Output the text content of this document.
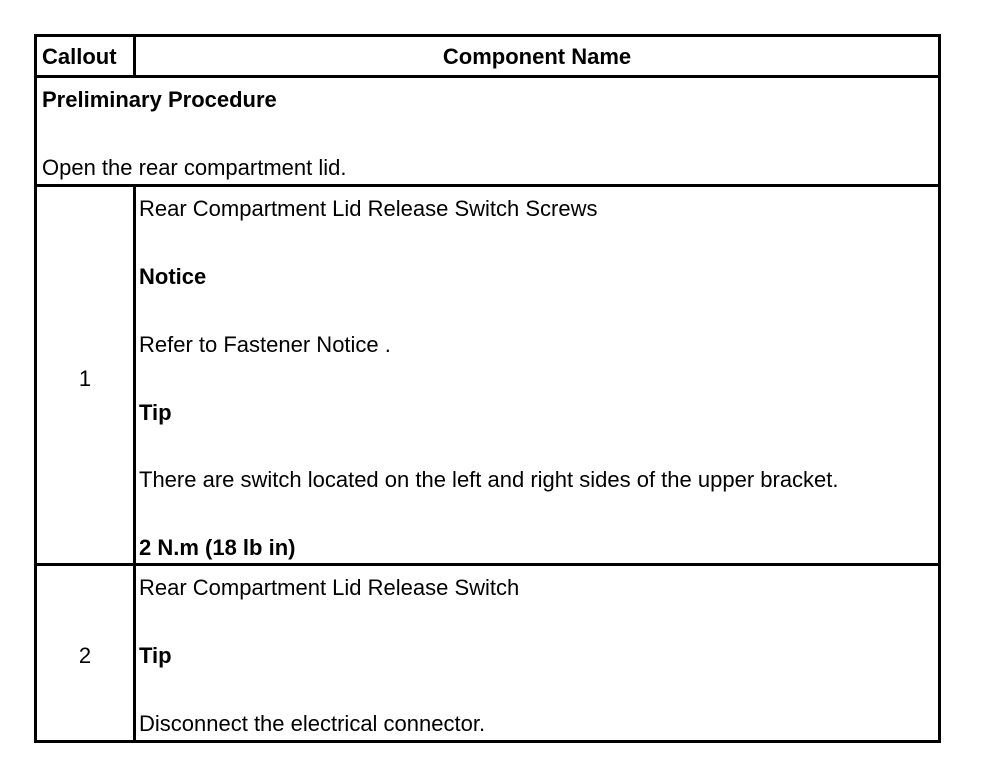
Callout	Component Name
Preliminary Procedure
Open the rear compartment lid.
1
Rear Compartment Lid Release Switch Screws
Notice
Refer to Fastener Notice .
Tip
There are switch located on the left and right sides of the upper bracket.
2 N.m (18 lb in)
2
Rear Compartment Lid Release Switch
Tip
Disconnect the electrical connector.
